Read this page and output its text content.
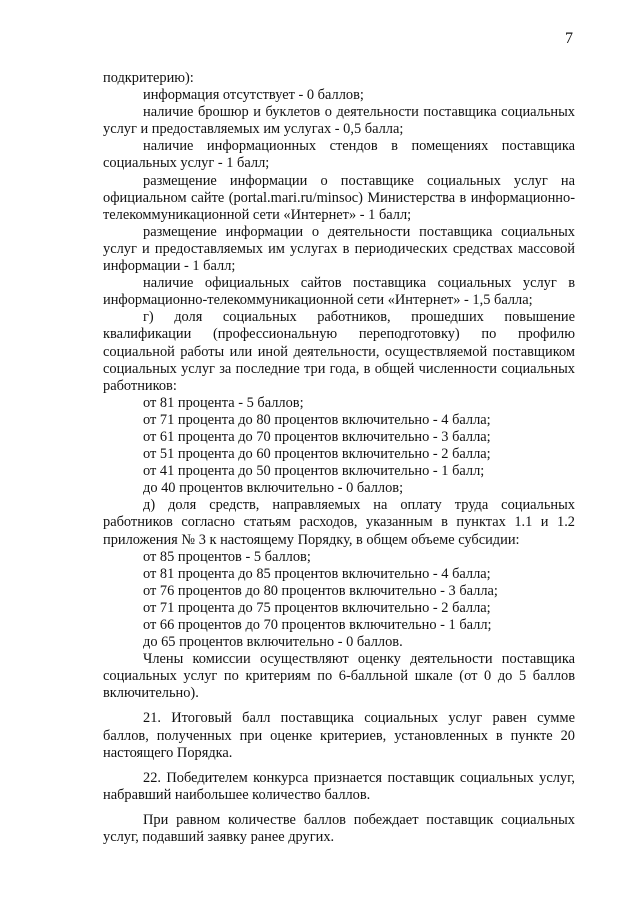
7

подкритерию):

информация отсутствует - 0 баллов;

наличие брошюр и буклетов о деятельности поставщика социальных услуг и предоставляемых им услугах - 0,5 балла;

наличие информационных стендов в помещениях поставщика социальных услуг - 1 балл;

размещение информации о поставщике социальных услуг на официальном сайте (portal.mari.ru/minsoc) Министерства в информационно-телекоммуникационной сети «Интернет» - 1 балл;

размещение информации о деятельности поставщика социальных услуг и предоставляемых им услугах в периодических средствах массовой информации - 1 балл;

наличие официальных сайтов поставщика социальных услуг в информационно-телекоммуникационной сети «Интернет» - 1,5 балла;

г) доля социальных работников, прошедших повышение квалификации (профессиональную переподготовку) по профилю социальной работы или иной деятельности, осуществляемой поставщиком социальных услуг за последние три года, в общей численности социальных работников:

от 81 процента - 5 баллов;

от 71 процента до 80 процентов включительно - 4 балла;

от 61 процента до 70 процентов включительно - 3 балла;

от 51 процента до 60 процентов включительно - 2 балла;

от 41 процента до 50 процентов включительно - 1 балл;

до 40 процентов включительно - 0 баллов;

д) доля средств, направляемых на оплату труда социальных работников согласно статьям расходов, указанным в пунктах 1.1 и 1.2 приложения № 3 к настоящему Порядку, в общем объеме субсидии:

от 85 процентов - 5 баллов;

от 81 процента до 85 процентов включительно - 4 балла;

от 76 процентов до 80 процентов включительно - 3 балла;

от 71 процента до 75 процентов включительно - 2 балла;

от 66 процентов до 70 процентов включительно - 1 балл;

до 65 процентов включительно - 0 баллов.

Члены комиссии осуществляют оценку деятельности поставщика социальных услуг по критериям по 6-балльной шкале (от 0 до 5 баллов включительно).

21. Итоговый балл поставщика социальных услуг равен сумме баллов, полученных при оценке критериев, установленных в пункте 20 настоящего Порядка.

22. Победителем конкурса признается поставщик социальных услуг, набравший наибольшее количество баллов.

При равном количестве баллов побеждает поставщик социальных услуг, подавший заявку ранее других.
